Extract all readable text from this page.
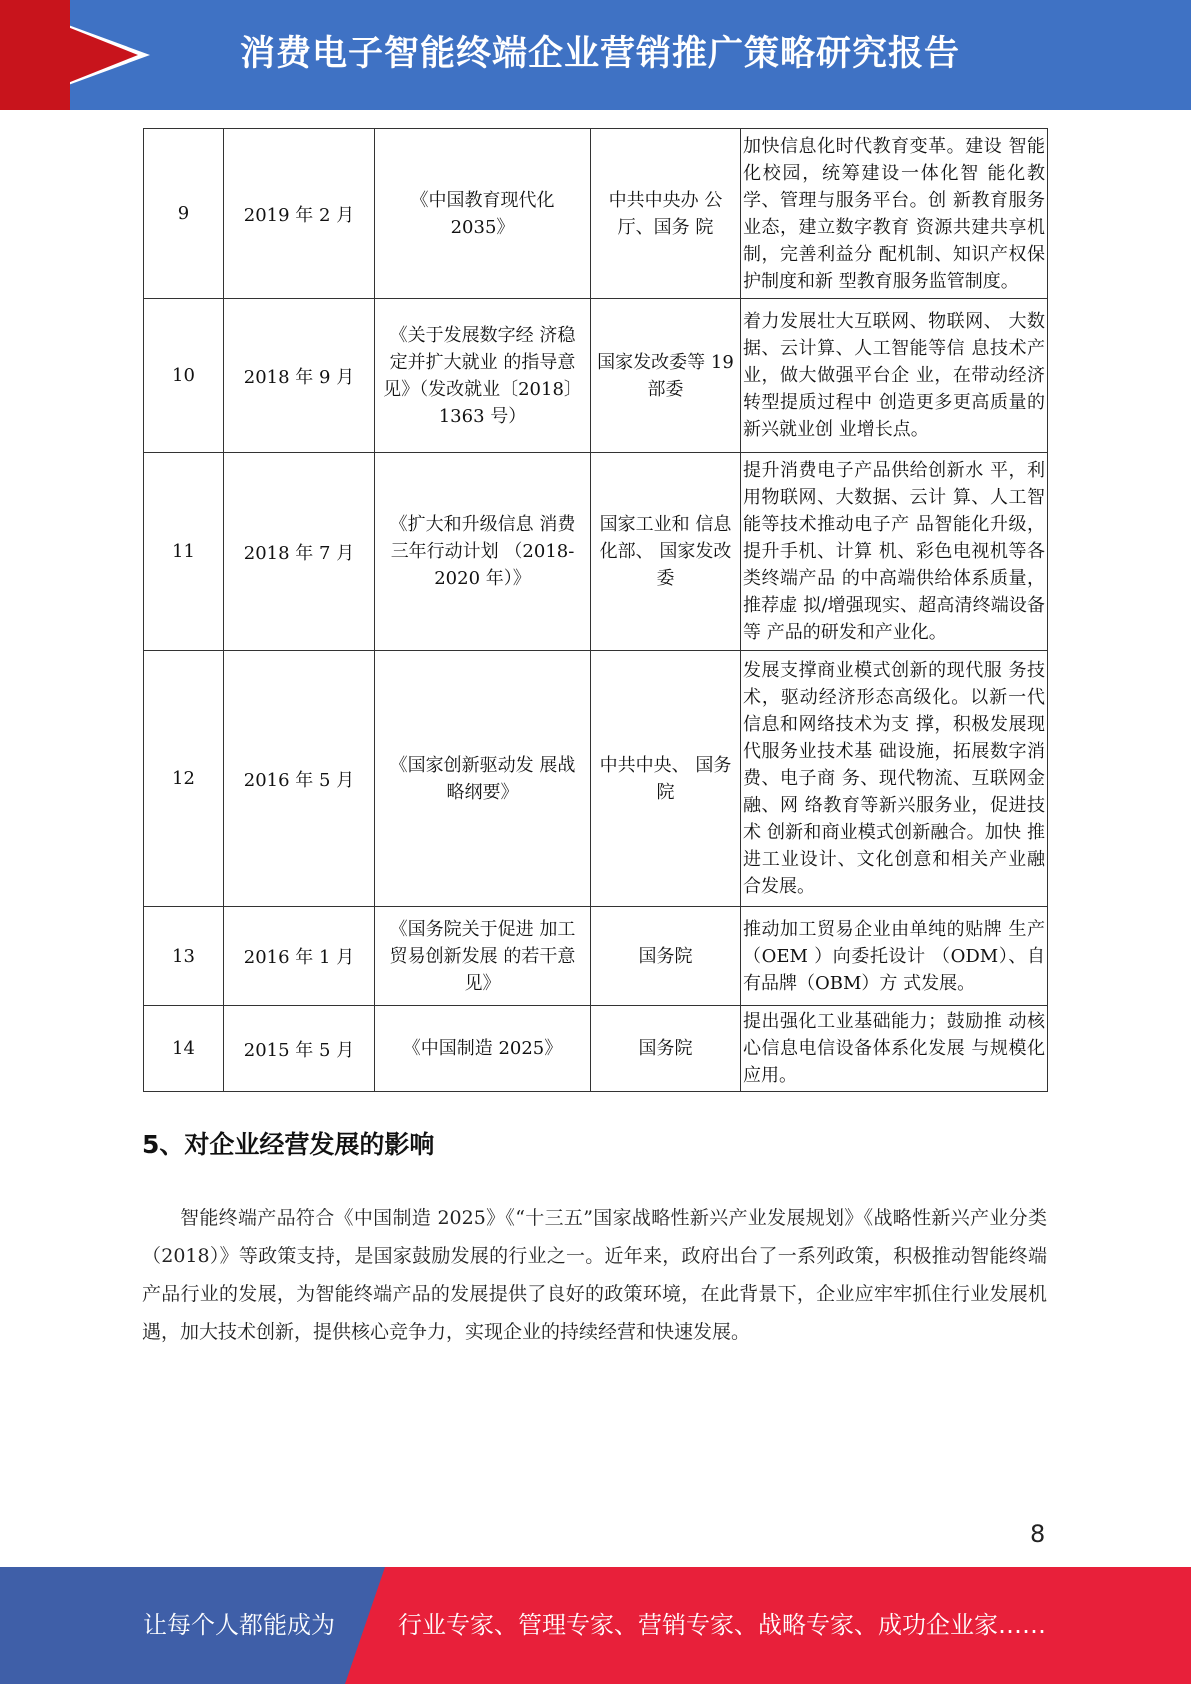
消费电子智能终端企业营销推广策略研究报告
9	2019 年 2 月	《中国教育现代化 2035》	中共中央办 公厅、国务 院	加快信息化时代教育变革。建设 智能化校园，统筹建设一体化智 能化教学、管理与服务平台。创 新教育服务业态，建立数字教育 资源共建共享机制，完善利益分 配机制、知识产权保护制度和新 型教育服务监管制度。
10	2018 年 9 月	《关于发展数字经 济稳定并扩大就业 的指导意见》（发改就业〔2018〕 1363 号）	国家发改委等 19 部委	着力发展壮大互联网、物联网、 大数据、云计算、人工智能等信 息技术产业，做大做强平台企 业，在带动经济转型提质过程中 创造更多更高质量的新兴就业创 业增长点。
11	2018 年 7 月	《扩大和升级信息 消费三年行动计划 （2018-2020 年）》	国家工业和 信息化部、 国家发改委	提升消费电子产品供给创新水 平，利用物联网、大数据、云计 算、人工智能等技术推动电子产 品智能化升级，提升手机、计算 机、彩色电视机等各类终端产品 的中高端供给体系质量，推荐虚 拟/增强现实、超高清终端设备等 产品的研发和产业化。
12	2016 年 5 月	《国家创新驱动发 展战略纲要》	中共中央、 国务院	发展支撑商业模式创新的现代服 务技术，驱动经济形态高级化。以新一代信息和网络技术为支 撑，积极发展现代服务业技术基 础设施，拓展数字消费、电子商 务、现代物流、互联网金融、网 络教育等新兴服务业，促进技术 创新和商业模式创新融合。加快 推进工业设计、文化创意和相关产业融合发展。
13	2016 年 1 月	《国务院关于促进 加工贸易创新发展 的若干意见》	国务院	推动加工贸易企业由单纯的贴牌 生产（OEM ）向委托设计 （ODM）、自有品牌（OBM）方 式发展。
14	2015 年 5 月	《中国制造 2025》	国务院	提出强化工业基础能力；鼓励推 动核心信息电信设备体系化发展 与规模化应用。
5、对企业经营发展的影响

智能终端产品符合《中国制造 2025》《“十三五”国家战略性新兴产业发展规划》《战略性新兴产业分类（2018）》等政策支持，是国家鼓励发展的行业之一。近年来，政府出台了一系列政策，积极推动智能终端产品行业的发展，为智能终端产品的发展提供了良好的政策环境，在此背景下，企业应牢牢抓住行业发展机遇，加大技术创新，提供核心竞争力，实现企业的持续经营和快速发展。

8
让每个人都能成为	行业专家、管理专家、营销专家、战略专家、成功企业家……
